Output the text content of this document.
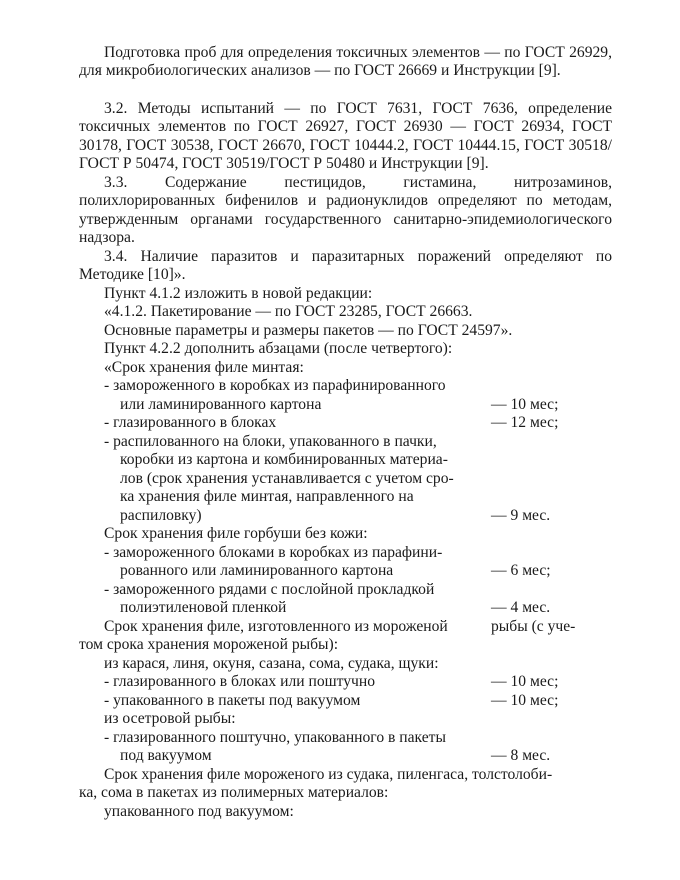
Подготовка проб для определения токсичных элементов — по ГОСТ 26929, для микробиологических анализов — по ГОСТ 26669 и Инструкции [9].
3.2. Методы испытаний — по ГОСТ 7631, ГОСТ 7636, определение токсичных элементов по ГОСТ 26927, ГОСТ 26930 — ГОСТ 26934, ГОСТ 30178, ГОСТ 30538, ГОСТ 26670, ГОСТ 10444.2, ГОСТ 10444.15, ГОСТ 30518/ГОСТ Р 50474, ГОСТ 30519/ГОСТ Р 50480 и Инструкции [9].
3.3. Содержание пестицидов, гистамина, нитрозаминов, полихлорированных бифенилов и радионуклидов определяют по методам, утвержденным органами государственного санитарно-эпидемиологического надзора.
3.4. Наличие паразитов и паразитарных поражений определяют по Методике [10]».
Пункт 4.1.2 изложить в новой редакции:
«4.1.2. Пакетирование — по ГОСТ 23285, ГОСТ 26663.
Основные параметры и размеры пакетов — по ГОСТ 24597».
Пункт 4.2.2 дополнить абзацами (после четвертого):
«Срок хранения филе минтая:
- замороженного в коробках из парафинированного
или ламинированного картона	— 10 мес;
- глазированного в блоках	— 12 мес;
- распилованного на блоки, упакованного в пачки,
коробки из картона и комбинированных материа-
лов (срок хранения устанавливается с учетом сро-
ка хранения филе минтая, направленного на
распиловку)	— 9 мес.
Срок хранения филе горбуши без кожи:
- замороженного блоками в коробках из парафини-
рованного или ламинированного картона	— 6 мес;
- замороженного рядами с послойной прокладкой
полиэтиленовой пленкой	— 4 мес.
Срок хранения филе, изготовленного из мороженой	рыбы (с уче-
том срока хранения мороженой рыбы):
из карася, линя, окуня, сазана, сома, судака, щуки:
- глазированного в блоках или поштучно	— 10 мес;
- упакованного в пакеты под вакуумом	— 10 мес;
из осетровой рыбы:
- глазированного поштучно, упакованного в пакеты
под вакуумом	— 8 мес.
Срок хранения филе мороженого из судака, пиленгаса, толстолоби-
ка, сома в пакетах из полимерных материалов:
упакованного под вакуумом:
